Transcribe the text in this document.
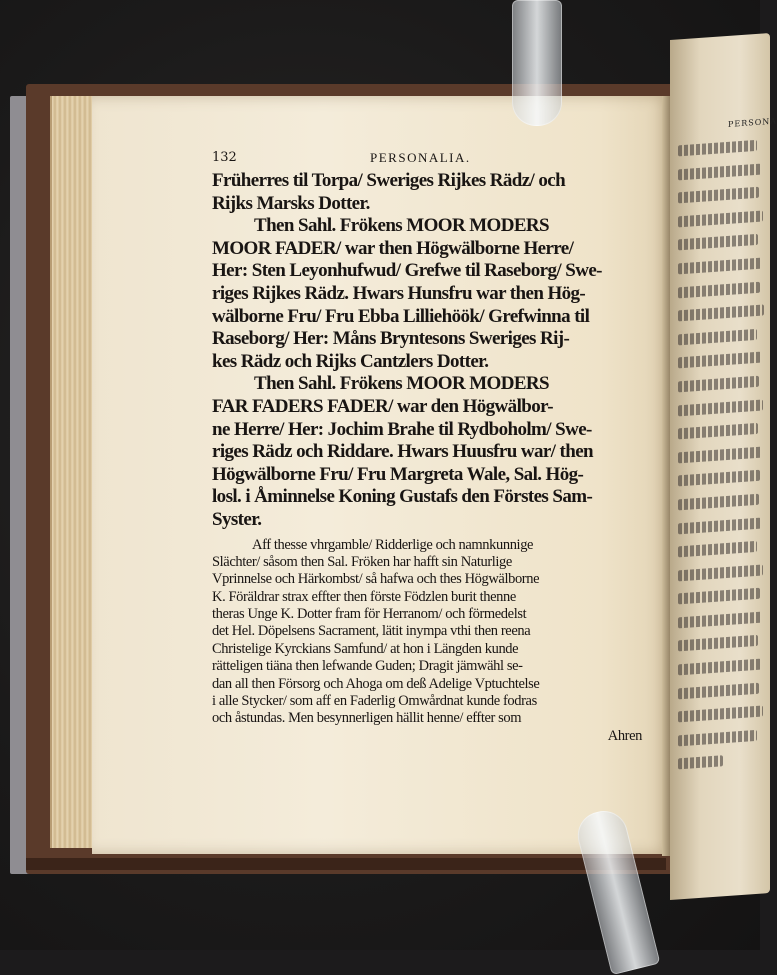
PERSONA
132	PERSONALIA.
Früherres til Torpa/ Sweriges Rijkes Rädz/ och
Rijks Marsks Dotter.
Then Sahl. Frökens MOOR MODERS
MOOR FADER/ war then Högwälborne Herre/
Her: Sten Leyonhufwud/ Grefwe til Raseborg/ Swe-
riges Rijkes Rädz. Hwars Hunsfru war then Hög-
wälborne Fru/ Fru Ebba Lilliehöök/ Grefwinna til
Raseborg/ Her: Måns Bryntesons Sweriges Rij-
kes Rädz och Rijks Cantzlers Dotter.
Then Sahl. Frökens MOOR MODERS
FAR FADERS FADER/ war den Högwälbor-
ne Herre/ Her: Jochim Brahe til Rydboholm/ Swe-
riges Rädz och Riddare. Hwars Huusfru war/ then
Högwälborne Fru/ Fru Margreta Wale, Sal. Hög-
losl. i Åminnelse Koning Gustafs den Förstes Sam-
Syster.
Aff thesse vhrgamble/ Ridderlige och namnkunnige
Slächter/ såsom then Sal. Fröken har hafft sin Naturlige
Vprinnelse och Härkombst/ så hafwa och thes Högwälborne
K. Föräldrar strax effter then förste Födzlen burit thenne
theras Unge K. Dotter fram för Herranom/ och förmedelst
det Hel. Döpelsens Sacrament, lätit inympa vthi then reena
Christelige Kyrckians Samfund/ at hon i Längden kunde
rätteligen tiäna then lefwande Guden; Dragit jämwähl se-
dan all then Försorg och Ahoga om deß Adelige Vptuchtelse
i alle Stycker/ som aff en Faderlig Omwårdnat kunde fodras
och åstundas. Men besynnerligen hällit henne/ effter som
Ahren
